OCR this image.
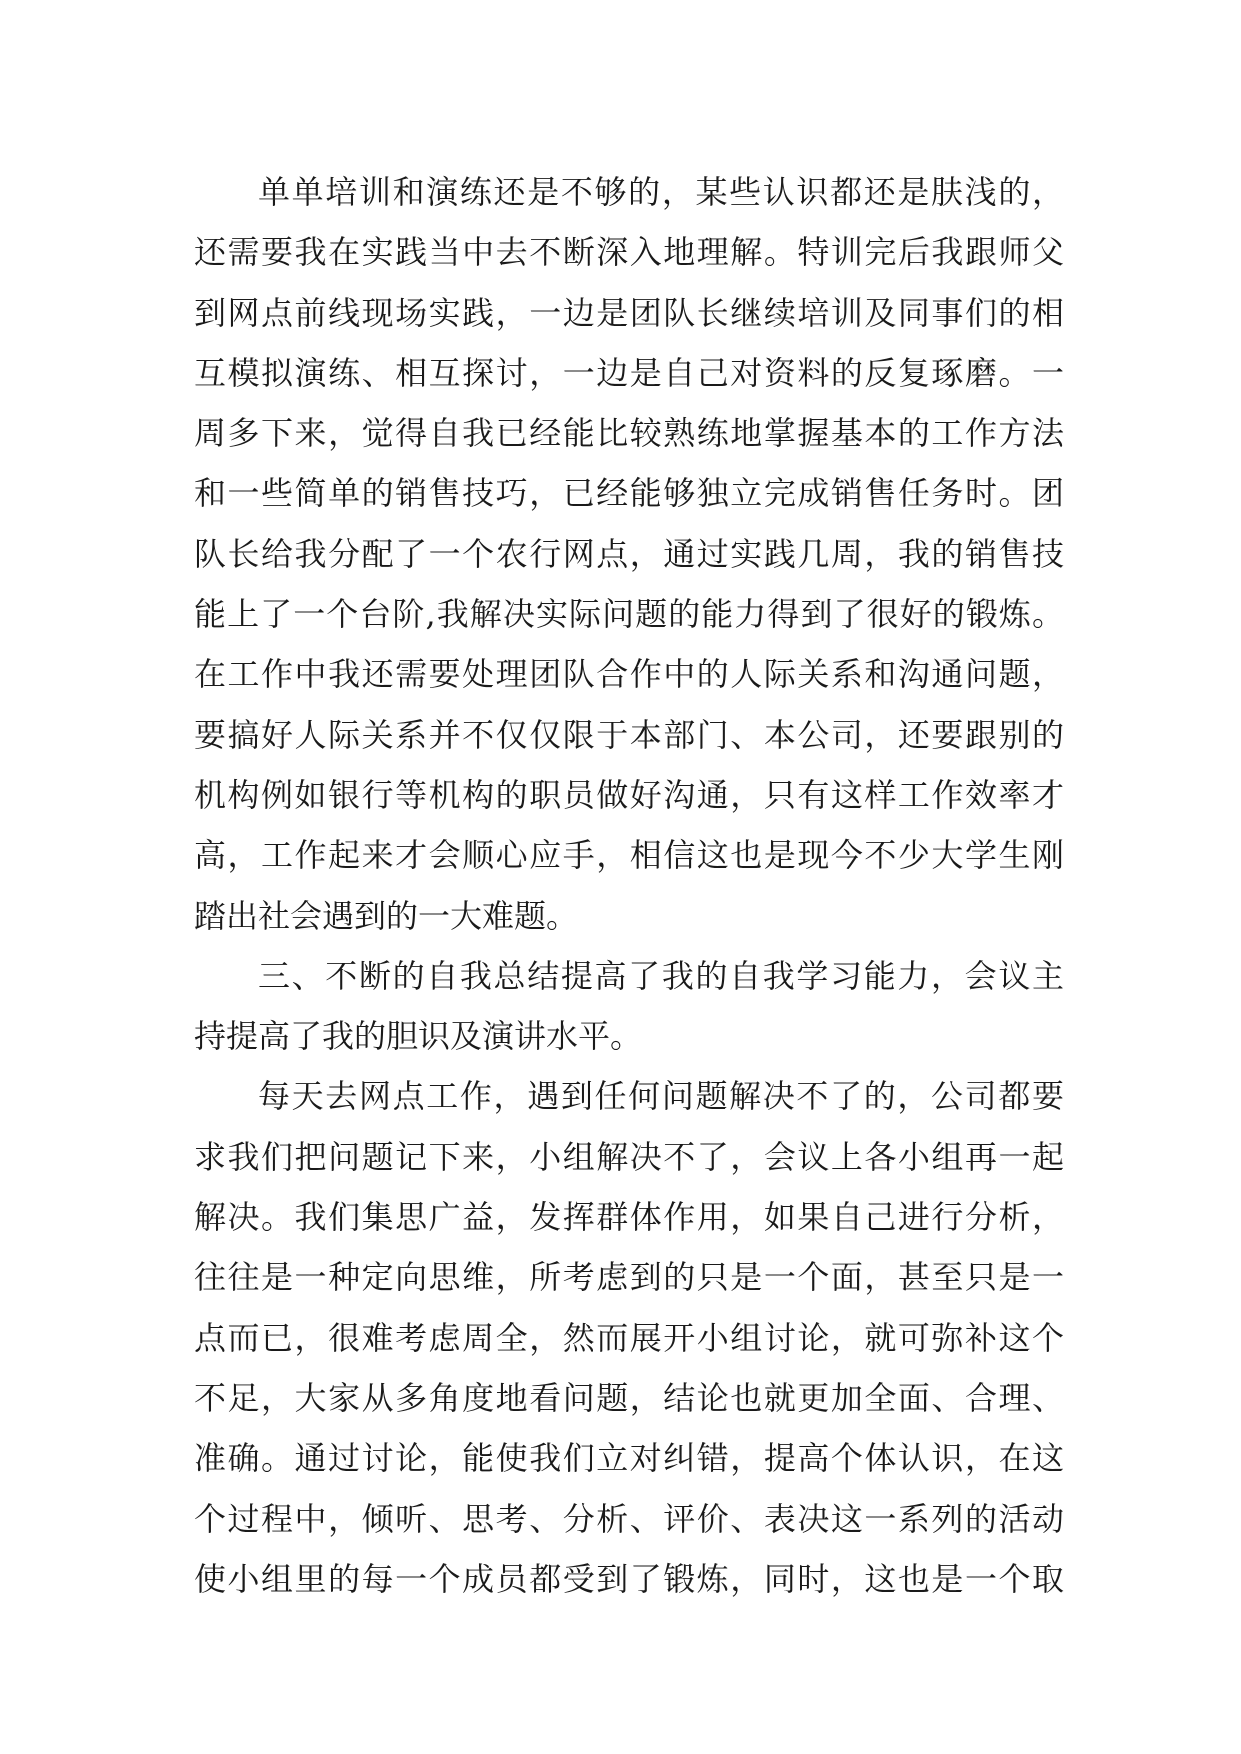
单单培训和演练还是不够的，某些认识都还是肤浅的，
还需要我在实践当中去不断深入地理解。特训完后我跟师父
到网点前线现场实践，一边是团队长继续培训及同事们的相
互模拟演练、相互探讨，一边是自己对资料的反复琢磨。一
周多下来，觉得自我已经能比较熟练地掌握基本的工作方法
和一些简单的销售技巧，已经能够独立完成销售任务时。团
队长给我分配了一个农行网点，通过实践几周，我的销售技
能上了一个台阶,我解决实际问题的能力得到了很好的锻炼。
在工作中我还需要处理团队合作中的人际关系和沟通问题，
要搞好人际关系并不仅仅限于本部门、本公司，还要跟别的
机构例如银行等机构的职员做好沟通，只有这样工作效率才
高，工作起来才会顺心应手，相信这也是现今不少大学生刚
踏出社会遇到的一大难题。
三、不断的自我总结提高了我的自我学习能力，会议主
持提高了我的胆识及演讲水平。
每天去网点工作，遇到任何问题解决不了的，公司都要
求我们把问题记下来，小组解决不了，会议上各小组再一起
解决。我们集思广益，发挥群体作用，如果自己进行分析，
往往是一种定向思维，所考虑到的只是一个面，甚至只是一
点而已，很难考虑周全，然而展开小组讨论，就可弥补这个
不足，大家从多角度地看问题，结论也就更加全面、合理、
准确。通过讨论，能使我们立对纠错，提高个体认识，在这
个过程中，倾听、思考、分析、评价、表决这一系列的活动
使小组里的每一个成员都受到了锻炼，同时，这也是一个取
